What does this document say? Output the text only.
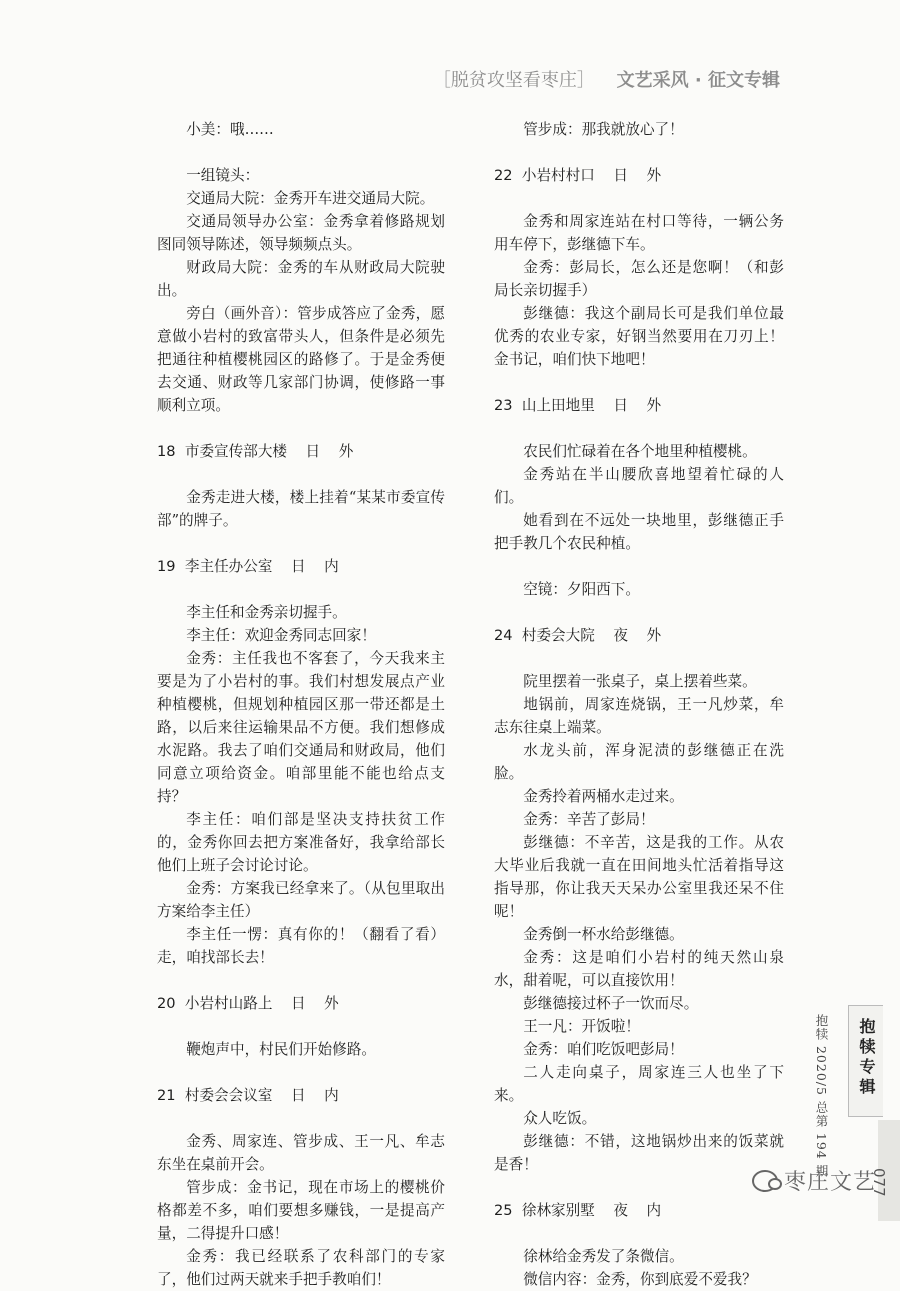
［脱贫攻坚看枣庄］ 文艺采风 · 征文专辑
小美：哦……
一组镜头：
交通局大院：金秀开车进交通局大院。
交通局领导办公室：金秀拿着修路规划图同领导陈述，领导频频点头。
财政局大院：金秀的车从财政局大院驶出。
旁白（画外音）：管步成答应了金秀，愿意做小岩村的致富带头人，但条件是必须先把通往种植樱桃园区的路修了。于是金秀便去交通、财政等几家部门协调，使修路一事顺利立项。
18  市委宣传部大楼    日    外
金秀走进大楼，楼上挂着“某某市委宣传部”的牌子。
19  李主任办公室    日    内
李主任和金秀亲切握手。
李主任：欢迎金秀同志回家！
金秀：主任我也不客套了，今天我来主要是为了小岩村的事。我们村想发展点产业种植樱桃，但规划种植园区那一带还都是土路，以后来往运输果品不方便。我们想修成水泥路。我去了咱们交通局和财政局，他们同意立项给资金。咱部里能不能也给点支持？
李主任：咱们部是坚决支持扶贫工作的，金秀你回去把方案准备好，我拿给部长他们上班子会讨论讨论。
金秀：方案我已经拿来了。（从包里取出方案给李主任）
李主任一愣：真有你的！（翻看了看）走，咱找部长去！
20  小岩村山路上    日    外
鞭炮声中，村民们开始修路。
21  村委会会议室    日    内
金秀、周家连、管步成、王一凡、牟志东坐在桌前开会。
管步成：金书记，现在市场上的樱桃价格都差不多，咱们要想多赚钱，一是提高产量，二得提升口感！
金秀：我已经联系了农科部门的专家了，他们过两天就来手把手教咱们！
管步成：那我就放心了！
22  小岩村村口    日    外
金秀和周家连站在村口等待，一辆公务用车停下，彭继德下车。
金秀：彭局长，怎么还是您啊！（和彭局长亲切握手）
彭继德：我这个副局长可是我们单位最优秀的农业专家，好钢当然要用在刀刃上！金书记，咱们快下地吧！
23  山上田地里    日    外
农民们忙碌着在各个地里种植樱桃。
金秀站在半山腰欣喜地望着忙碌的人们。
她看到在不远处一块地里，彭继德正手把手教几个农民种植。
空镜：夕阳西下。
24  村委会大院    夜    外
院里摆着一张桌子，桌上摆着些菜。
地锅前，周家连烧锅，王一凡炒菜，牟志东往桌上端菜。
水龙头前，浑身泥渍的彭继德正在洗脸。
金秀拎着两桶水走过来。
金秀：辛苦了彭局！
彭继德：不辛苦，这是我的工作。从农大毕业后我就一直在田间地头忙活着指导这指导那，你让我天天呆办公室里我还呆不住呢！
金秀倒一杯水给彭继德。
金秀：这是咱们小岩村的纯天然山泉水，甜着呢，可以直接饮用！
彭继德接过杯子一饮而尽。
王一凡：开饭啦！
金秀：咱们吃饭吧彭局！
二人走向桌子，周家连三人也坐了下来。
众人吃饭。
彭继德：不错，这地锅炒出来的饭菜就是香！
25  徐林家别墅    夜    内
徐林给金秀发了条微信。
微信内容：金秀，你到底爱不爱我？
抱犊 2020/5 总第 194 期 抱犊专辑
077
枣庄文艺
